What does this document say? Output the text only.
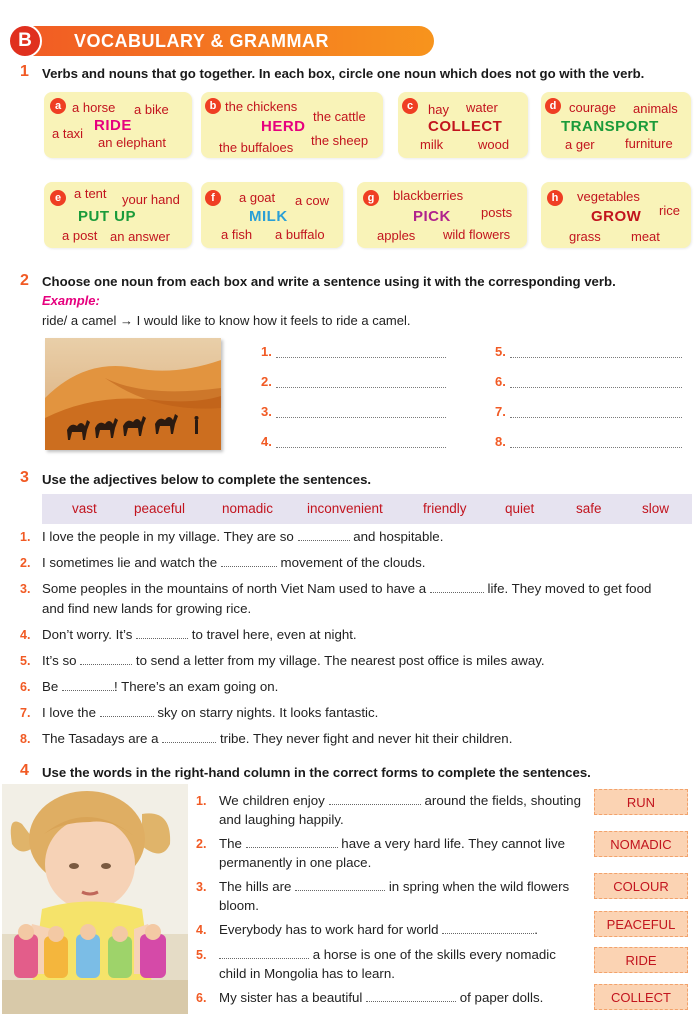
B	VOCABULARY & GRAMMAR
1 Verbs and nouns that go together. In each box, circle one noun which does not go with the verb.
a a horse a bike
RIDE
a taxi
an elephant
b the chickens
HERD
the cattle
the buffaloes the sheep
c	hay water
COLLECT
milk	wood
d courage animals
TRANSPORT
a ger furniture
e a tent your hand
PUT UP
a post an answer
f	a goat a cow
MILK
a fish a buffalo
g	blackberries
PICK posts
apples wild flowers
h	vegetables
rice
GROW
grass meat
2 Choose one noun from each box and write a sentence using it with the corresponding verb.
Example:
ride/ a camel → I would like to know how it feels to ride a camel.
1.
2.
3.
4.
5.
6.
7.
8.
3 Use the adjectives below to complete the sentences.
vast	peaceful	nomadic	inconvenient	friendly	quiet	safe	slow
1. I love the people in my village. They are so	and hospitable.
2. I sometimes lie and watch the	movement of the clouds.
3. Some peoples in the mountains of north Viet Nam used to have a	life. They moved to get food
and find new lands for growing rice.
4. Don’t worry. It’s	to travel here, even at night.
5. It’s so	to send a letter from my village. The nearest post office is miles away.
6. Be	! There’s an exam going on.
7. I love the	sky on starry nights. It looks fantastic.
8. The Tasadays are a	tribe. They never fight and never hit their children.
4 Use the words in the right-hand column in the correct forms to complete the sentences.
1. We children enjoy	around the fields, shouting and laughing happily.
2. The	have a very hard life. They cannot live permanently in one place.
3. The hills are	in spring when the wild flowers bloom.
4. Everybody has to work hard for world	.
5.	a horse is one of the skills every nomadic child in Mongolia has to learn.
6. My sister has a beautiful	of paper dolls.
RUN
NOMADIC
COLOUR
PEACEFUL
RIDE
COLLECT
